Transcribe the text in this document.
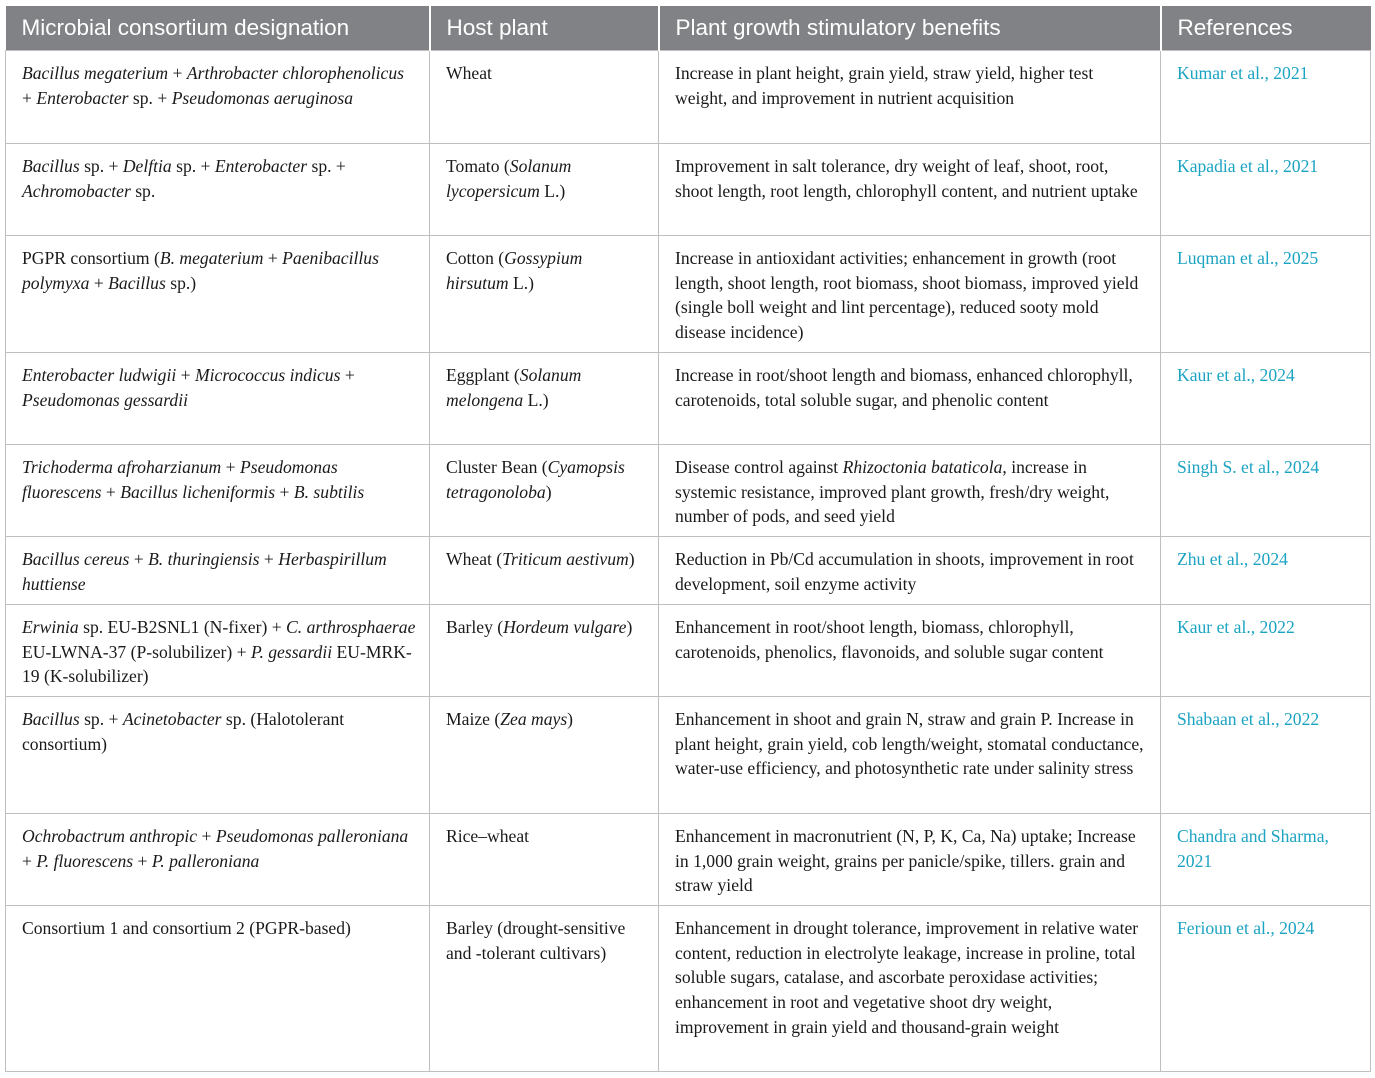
Microbial consortium designation	Host plant	Plant growth stimulatory benefits	References
Bacillus megaterium + Arthrobacter chlorophenolicus + Enterobacter sp. + Pseudomonas aeruginosa	Wheat	Increase in plant height, grain yield, straw yield, higher test weight, and improvement in nutrient acquisition	Kumar et al., 2021
Bacillus sp. + Delftia sp. + Enterobacter sp. + Achromobacter sp.	Tomato (Solanum lycopersicum L.)	Improvement in salt tolerance, dry weight of leaf, shoot, root, shoot length, root length, chlorophyll content, and nutrient uptake	Kapadia et al., 2021
PGPR consortium (B. megaterium + Paenibacillus polymyxa + Bacillus sp.)	Cotton (Gossypium hirsutum L.)	Increase in antioxidant activities; enhancement in growth (root length, shoot length, root biomass, shoot biomass, improved yield (single boll weight and lint percentage), reduced sooty mold disease incidence)	Luqman et al., 2025
Enterobacter ludwigii + Micrococcus indicus + Pseudomonas gessardii	Eggplant (Solanum melongena L.)	Increase in root/shoot length and biomass, enhanced chlorophyll, carotenoids, total soluble sugar, and phenolic content	Kaur et al., 2024
Trichoderma afroharzianum + Pseudomonas fluorescens + Bacillus licheniformis + B. subtilis	Cluster Bean (Cyamopsis tetragonoloba)	Disease control against Rhizoctonia bataticola, increase in systemic resistance, improved plant growth, fresh/dry weight, number of pods, and seed yield	Singh S. et al., 2024
Bacillus cereus + B. thuringiensis + Herbaspirillum huttiense	Wheat (Triticum aestivum)	Reduction in Pb/Cd accumulation in shoots, improvement in root development, soil enzyme activity	Zhu et al., 2024
Erwinia sp. EU-B2SNL1 (N-fixer) + C. arthrosphaerae EU-LWNA-37 (P-solubilizer) + P. gessardii EU-MRK-19 (K-solubilizer)	Barley (Hordeum vulgare)	Enhancement in root/shoot length, biomass, chlorophyll, carotenoids, phenolics, flavonoids, and soluble sugar content	Kaur et al., 2022
Bacillus sp. + Acinetobacter sp. (Halotolerant consortium)	Maize (Zea mays)	Enhancement in shoot and grain N, straw and grain P. Increase in plant height, grain yield, cob length/weight, stomatal conductance, water-use efficiency, and photosynthetic rate under salinity stress	Shabaan et al., 2022
Ochrobactrum anthropic + Pseudomonas palleroniana + P. fluorescens + P. palleroniana	Rice–wheat	Enhancement in macronutrient (N, P, K, Ca, Na) uptake; Increase in 1,000 grain weight, grains per panicle/spike, tillers. grain and straw yield	Chandra and Sharma, 2021
Consortium 1 and consortium 2 (PGPR-based)	Barley (drought-sensitive and -tolerant cultivars)	Enhancement in drought tolerance, improvement in relative water content, reduction in electrolyte leakage, increase in proline, total soluble sugars, catalase, and ascorbate peroxidase activities; enhancement in root and vegetative shoot dry weight, improvement in grain yield and thousand-grain weight	Ferioun et al., 2024
